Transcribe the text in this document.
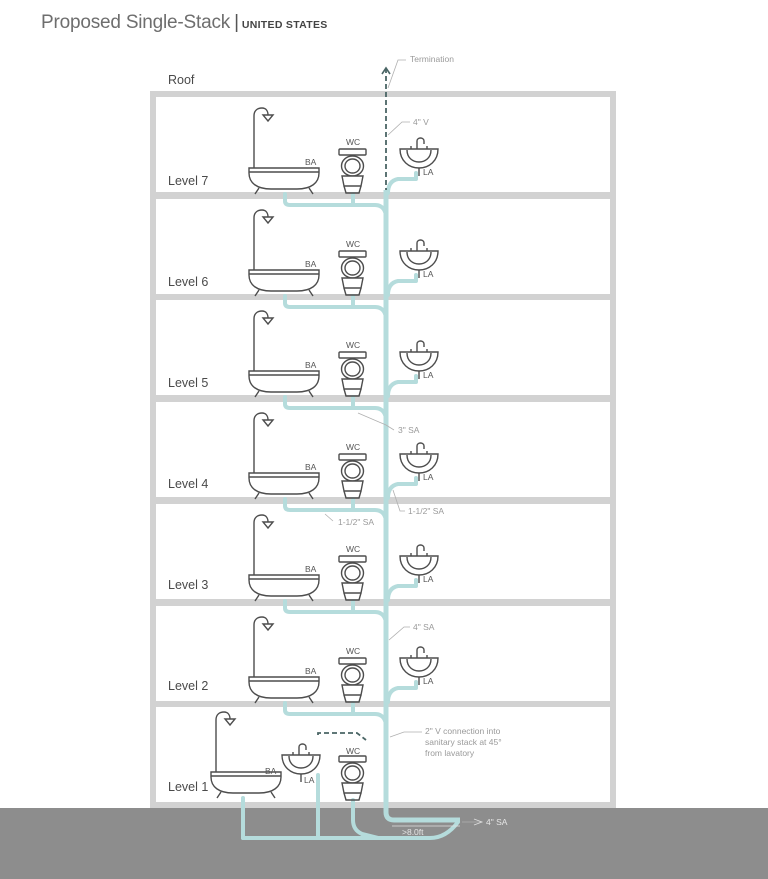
Proposed Single-Stack | UNITED STATES
Roof
BA
WC
LA
BA
WC
LA
BA
WC
LA
BA
WC
LA
BA
WC
LA
BA
WC
LA
BA
LA
WC
Level 7
Level 6
Level 5
Level 4
Level 3
Level 2
Level 1
Termination
4" V
3" SA
1-1/2" SA
1-1/2" SA
4" SA
2" V connection into
sanitary stack at 45°
from lavatory
4" SA
>8.0ft
